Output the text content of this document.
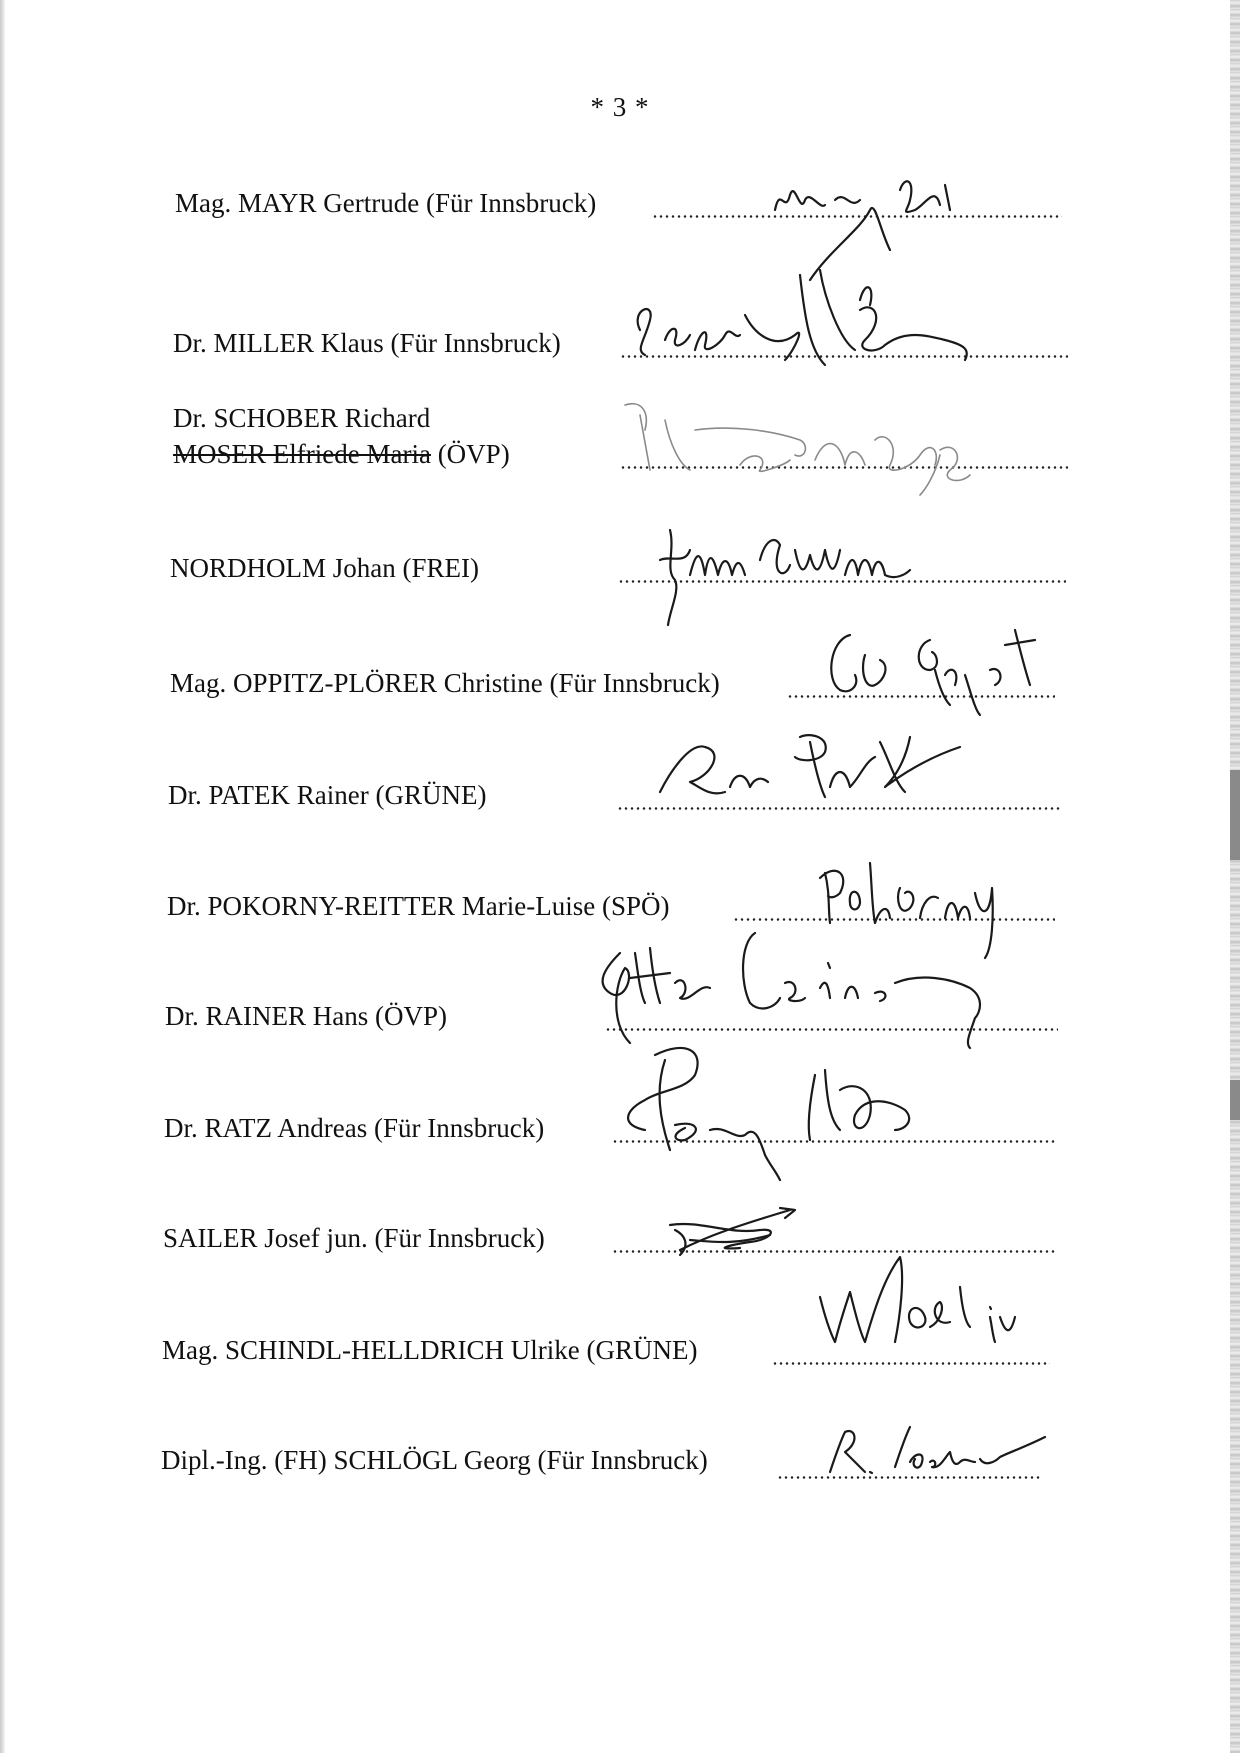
* 3 *
Mag. MAYR Gertrude (Für Innsbruck)
Dr. MILLER Klaus (Für Innsbruck)
Dr. SCHOBER Richard
MOSER Elfriede Maria (ÖVP)
NORDHOLM Johan (FREI)
Mag. OPPITZ-PLÖRER Christine (Für Innsbruck)
Dr. PATEK Rainer (GRÜNE)
Dr. POKORNY-REITTER Marie-Luise (SPÖ)
Dr. RAINER Hans (ÖVP)
Dr. RATZ Andreas (Für Innsbruck)
SAILER Josef jun. (Für Innsbruck)
Mag. SCHINDL-HELLDRICH Ulrike (GRÜNE)
Dipl.-Ing. (FH) SCHLÖGL Georg (Für Innsbruck)
